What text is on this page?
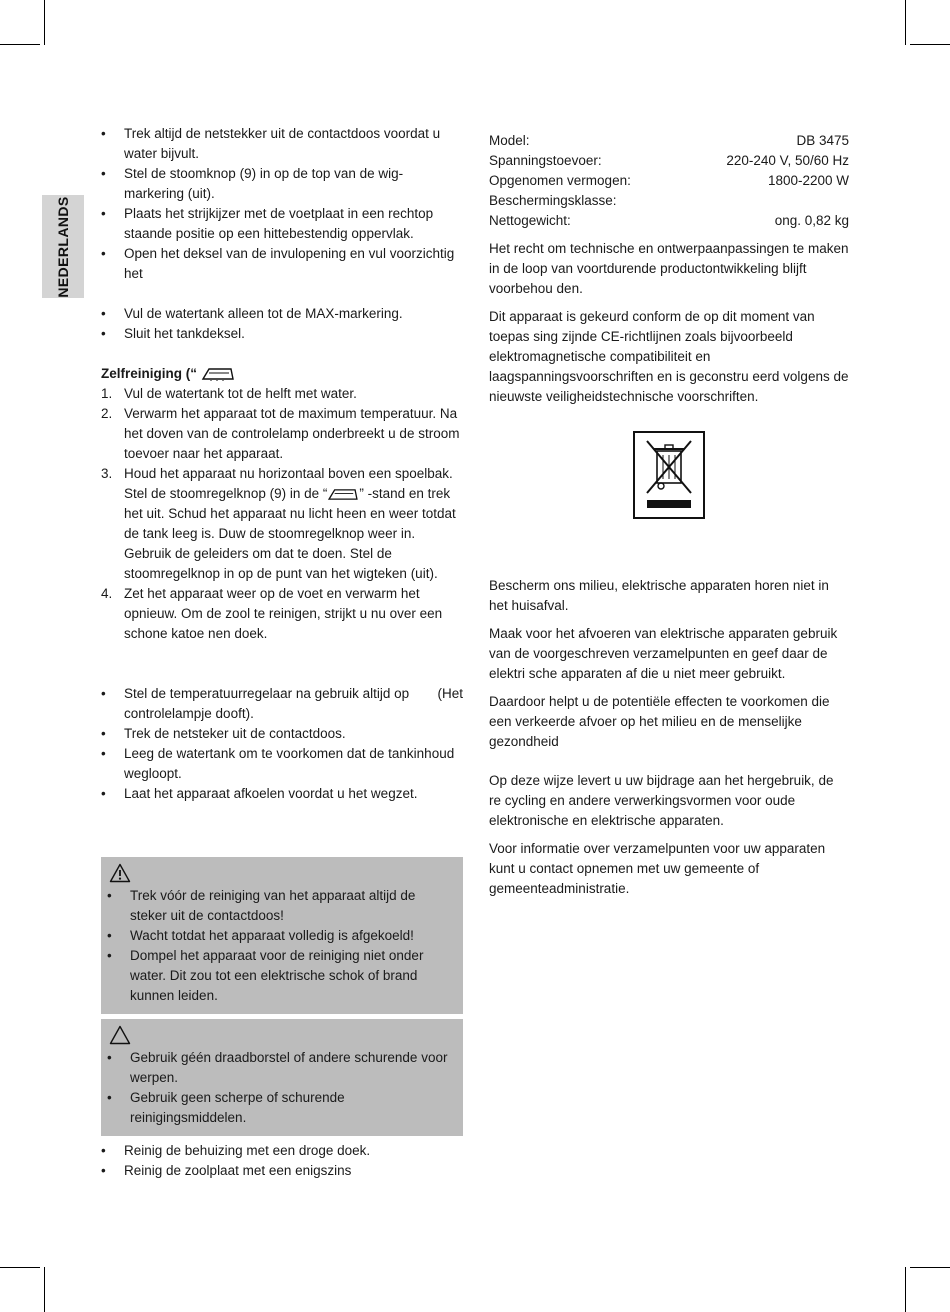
NEDERLANDS
• Trek altijd de netstekker uit de contactdoos voordat u water bijvult.
• Stel de stoomknop (9) in op de top van de wig-markering (uit).
• Plaats het strijkijzer met de voetplaat in een rechtop staande positie op een hittebestendig oppervlak.
• Open het deksel van de invulopening en vul voorzichtig het
• Vul de watertank alleen tot de MAX-markering.
• Sluit het tankdeksel.
Zelfreiniging (“
1. Vul de watertank tot de helft met water.
2. Verwarm het apparaat tot de maximum temperatuur. Na het doven van de controlelamp onderbreekt u de stroom toevoer naar het apparaat.
3. Houd het apparaat nu horizontaal boven een spoelbak. Stel de stoomregelknop (9) in de “ ” -stand en trek het uit. Schud het apparaat nu licht heen en weer totdat de tank leeg is. Duw de stoomregelknop weer in. Gebruik de geleiders om dat te doen. Stel de stoomregelknop in op de punt van het wigteken (uit).
4. Zet het apparaat weer op de voet en verwarm het opnieuw. Om de zool te reinigen, strijkt u nu over een schone katoe nen doek.
• Stel de temperatuurregelaar na gebruik altijd op (Het
controlelampje dooft).
• Trek de netsteker uit de contactdoos.
• Leeg de watertank om te voorkomen dat de tankinhoud wegloopt.
• Laat het apparaat afkoelen voordat u het wegzet.
• Trek vóór de reiniging van het apparaat altijd de steker uit de contactdoos!
• Wacht totdat het apparaat volledig is afgekoeld!
• Dompel het apparaat voor de reiniging niet onder water. Dit zou tot een elektrische schok of brand kunnen leiden.
• Gebruik géén draadborstel of andere schurende voor werpen.
• Gebruik geen scherpe of schurende reinigingsmiddelen.
• Reinig de behuizing met een droge doek.
• Reinig de zoolplaat met een enigszins
Model:	DB 3475
Spanningstoevoer:	220-240 V, 50/60 Hz
Opgenomen vermogen:	1800-2200 W
Beschermingsklasse:
Nettogewicht:	ong. 0,82 kg

Het recht om technische en ontwerpaanpassingen te maken in de loop van voortdurende productontwikkeling blijft voorbehou den.

Dit apparaat is gekeurd conform de op dit moment van toepas sing zijnde CE-richtlijnen zoals bijvoorbeeld elektromagnetische compatibiliteit en laagspanningsvoorschriften en is geconstru eerd volgens de nieuwste veiligheidstechnische voorschriften.

Bescherm ons milieu, elektrische apparaten horen niet in het huisafval.

Maak voor het afvoeren van elektrische apparaten gebruik van de voorgeschreven verzamelpunten en geef daar de elektri sche apparaten af die u niet meer gebruikt.

Daardoor helpt u de potentiële effecten te voorkomen die een verkeerde afvoer op het milieu en de menselijke gezondheid

Op deze wijze levert u uw bijdrage aan het hergebruik, de re cycling en andere verwerkingsvormen voor oude elektronische en elektrische apparaten.

Voor informatie over verzamelpunten voor uw apparaten kunt u contact opnemen met uw gemeente of gemeenteadministratie.
